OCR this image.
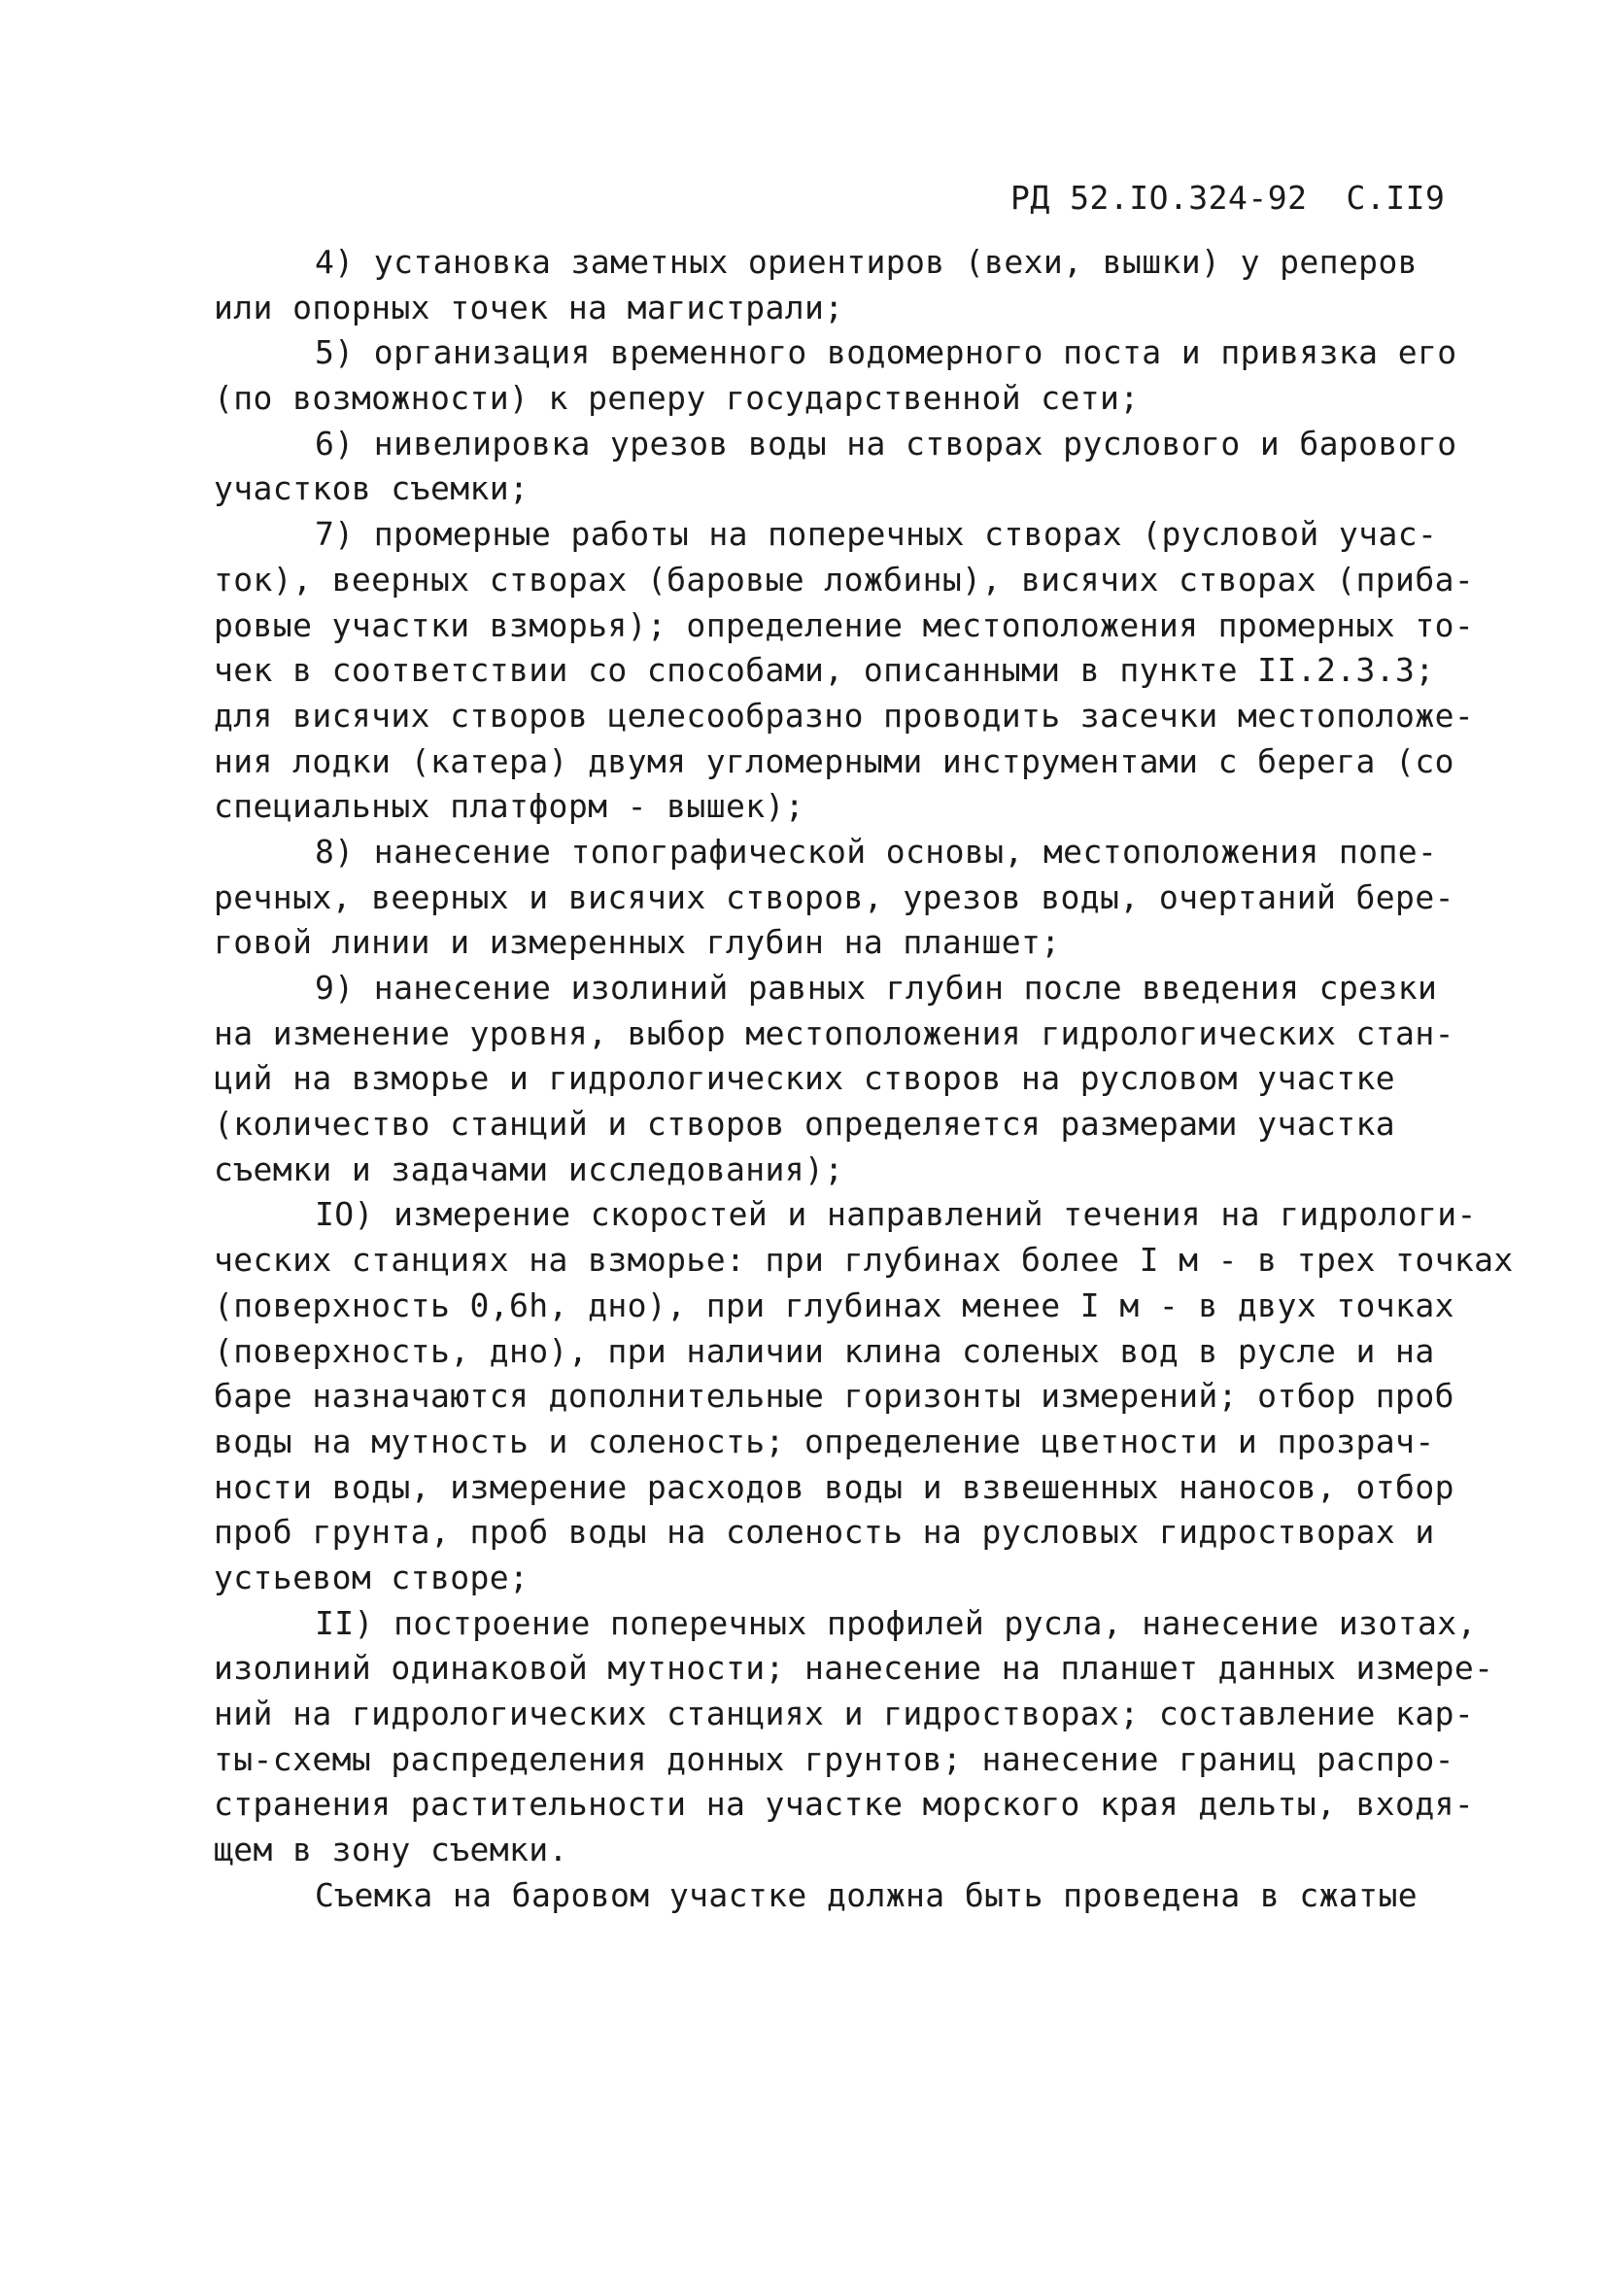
РД 52.IO.324-92 С.II9
4) установка заметных ориентиров (вехи, вышки) у реперов
или опорных точек на магистрали;
5) организация временного водомерного поста и привязка его
(по возможности) к реперу государственной сети;
6) нивелировка урезов воды на створах руслового и барового
участков съемки;
7) промерные работы на поперечных створах (русловой учас-
ток), веерных створах (баровые ложбины), висячих створах (приба-
ровые участки взморья); определение местоположения промерных то-
чек в соответствии со способами, описанными в пункте II.2.3.3;
для висячих створов целесообразно проводить засечки местоположе-
ния лодки (катера) двумя угломерными инструментами с берега (со
специальных платформ - вышек);
8) нанесение топографической основы, местоположения попе-
речных, веерных и висячих створов, урезов воды, очертаний бере-
говой линии и измеренных глубин на планшет;
9) нанесение изолиний равных глубин после введения срезки
на изменение уровня, выбор местоположения гидрологических стан-
ций на взморье и гидрологических створов на русловом участке
(количество станций и створов определяется размерами участка
съемки и задачами исследования);
IO) измерение скоростей и направлений течения на гидрологи-
ческих станциях на взморье: при глубинах более I м - в трех точках
(поверхность 0,6h, дно), при глубинах менее I м - в двух точках
(поверхность, дно), при наличии клина соленых вод в русле и на
баре назначаются дополнительные горизонты измерений; отбор проб
воды на мутность и соленость; определение цветности и прозрач-
ности воды, измерение расходов воды и взвешенных наносов, отбор
проб грунта, проб воды на соленость на русловых гидростворах и
устьевом створе;
II) построение поперечных профилей русла, нанесение изотах,
изолиний одинаковой мутности; нанесение на планшет данных измере-
ний на гидрологических станциях и гидростворах; составление кар-
ты-схемы распределения донных грунтов; нанесение границ распро-
странения растительности на участке морского края дельты, входя-
щем в зону съемки.
Съемка на баровом участке должна быть проведена в сжатые
